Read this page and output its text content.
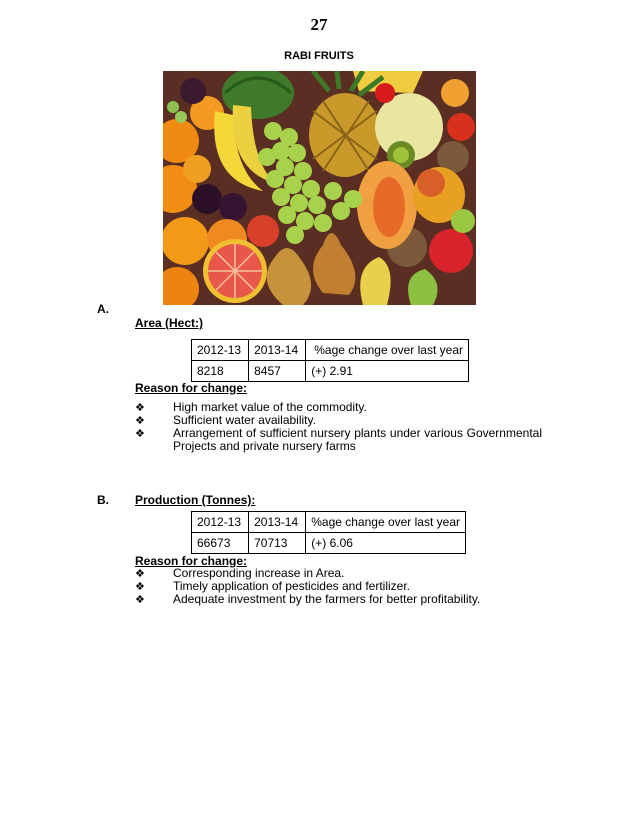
27
RABI FRUITS
A.
Area (Hect:)
2012-13	2013-14	%age change over last year
8218	8457	(+) 2.91
Reason for change:
❖ High market value of the commodity.
❖ Sufficient water availability.
❖ Arrangement of sufficient nursery plants under various Governmental Projects and private nursery farms
B. Production (Tonnes):
2012-13	2013-14	%age change over last year
66673	70713	(+) 6.06
Reason for change:
❖ Corresponding increase in Area.
❖ Timely application of pesticides and fertilizer.
❖ Adequate investment by the farmers for better profitability.
